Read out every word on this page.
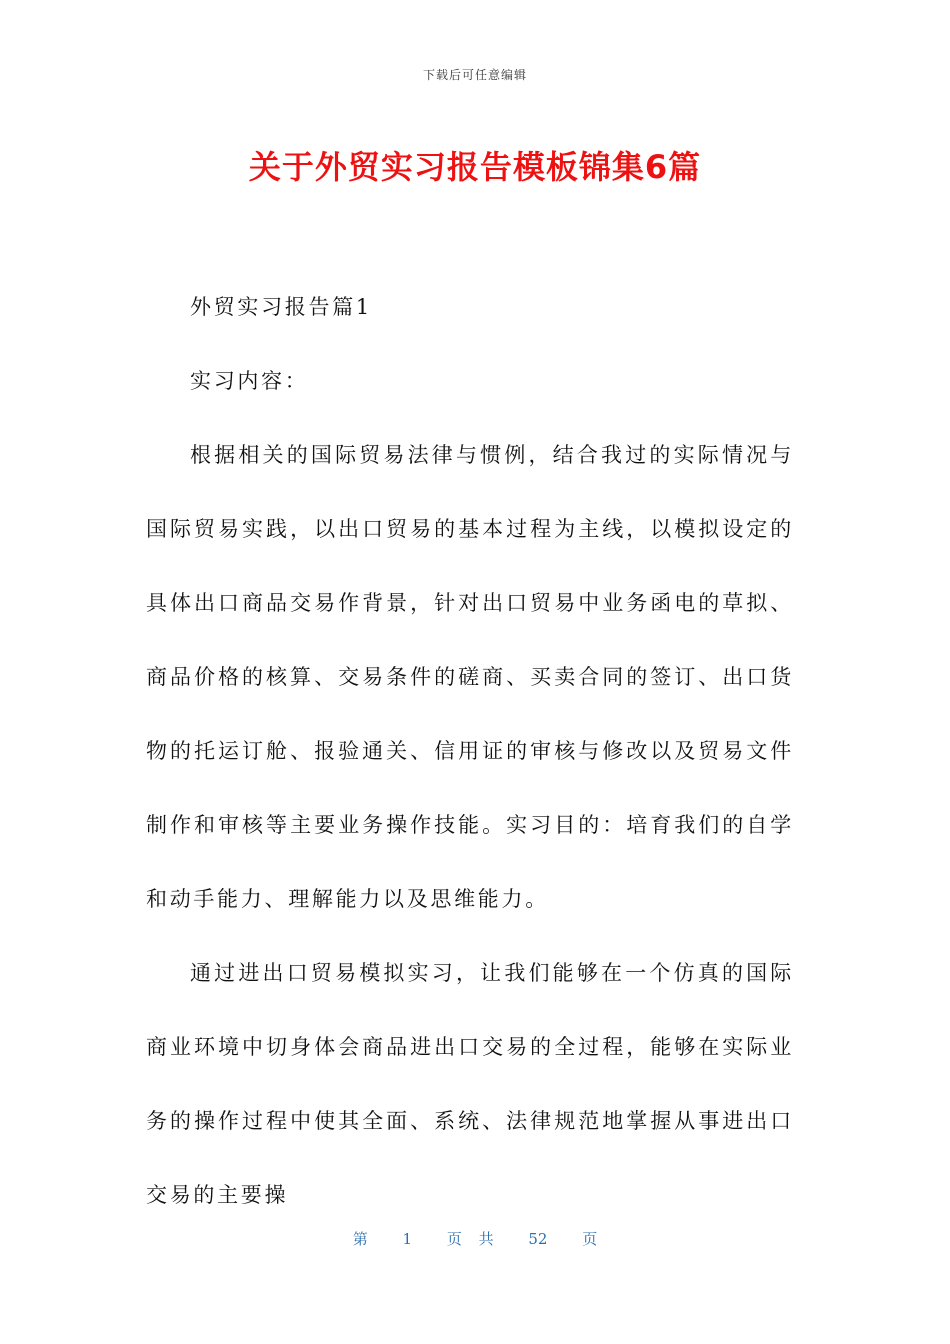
下载后可任意编辑
关于外贸实习报告模板锦集6篇

外贸实习报告篇1

实习内容：

根据相关的国际贸易法律与惯例，结合我过的实际情况与国际贸易实践，以出口贸易的基本过程为主线，以模拟设定的具体出口商品交易作背景，针对出口贸易中业务函电的草拟、商品价格的核算、交易条件的磋商、买卖合同的签订、出口货物的托运订舱、报验通关、信用证的审核与修改以及贸易文件制作和审核等主要业务操作技能。实习目的：培育我们的自学和动手能力、理解能力以及思维能力。

通过进出口贸易模拟实习，让我们能够在一个仿真的国际商业环境中切身体会商品进出口交易的全过程，能够在实际业务的操作过程中使其全面、系统、法律规范地掌握从事进出口交易的主要操

第 1 页 共 52 页
